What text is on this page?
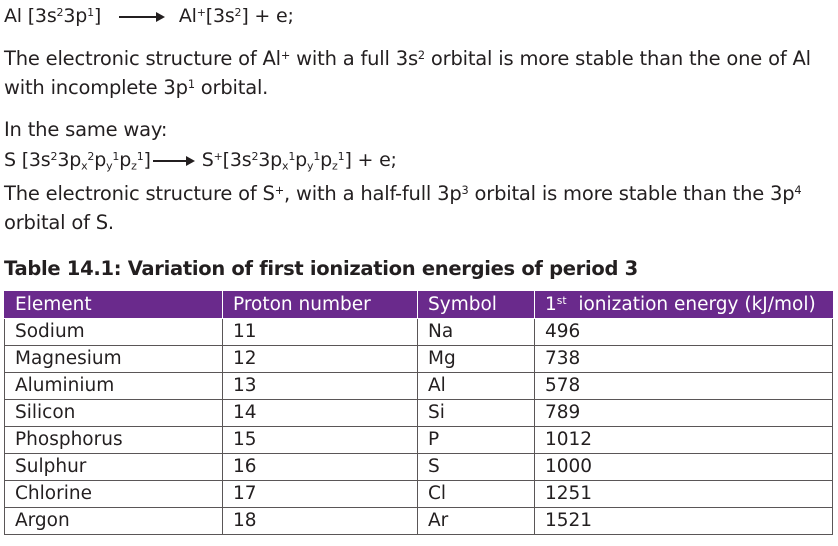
Al $[3s^23p^1] \to Al^+[3s^2] + e$;
The electronic structure of Al+ with a full $3s^2$ orbital is more stable than the one of Al
with incomplete $3p^1$ orbital.
In the same way:
S $[3s^23p_x^2p_y^1p_z^1] \to S^+[3s^23p_x^1p_y^1p_z^1] + e$;
The electronic structure of S+, with a half-full $3p^3$ orbital is more stable than the $3p^4$
orbital of S.
Table 14.1: Variation of first ionization energies of period 3
Element	Proton number	Symbol	1st  ionization energy (kJ/mol)
Sodium	11	Na	496
Magnesium	12	Mg	738
Aluminium	13	Al	578
Silicon	14	Si	789
Phosphorus	15	P	1012
Sulphur	16	S	1000
Chlorine	17	Cl	1251
Argon	18	Ar	1521
